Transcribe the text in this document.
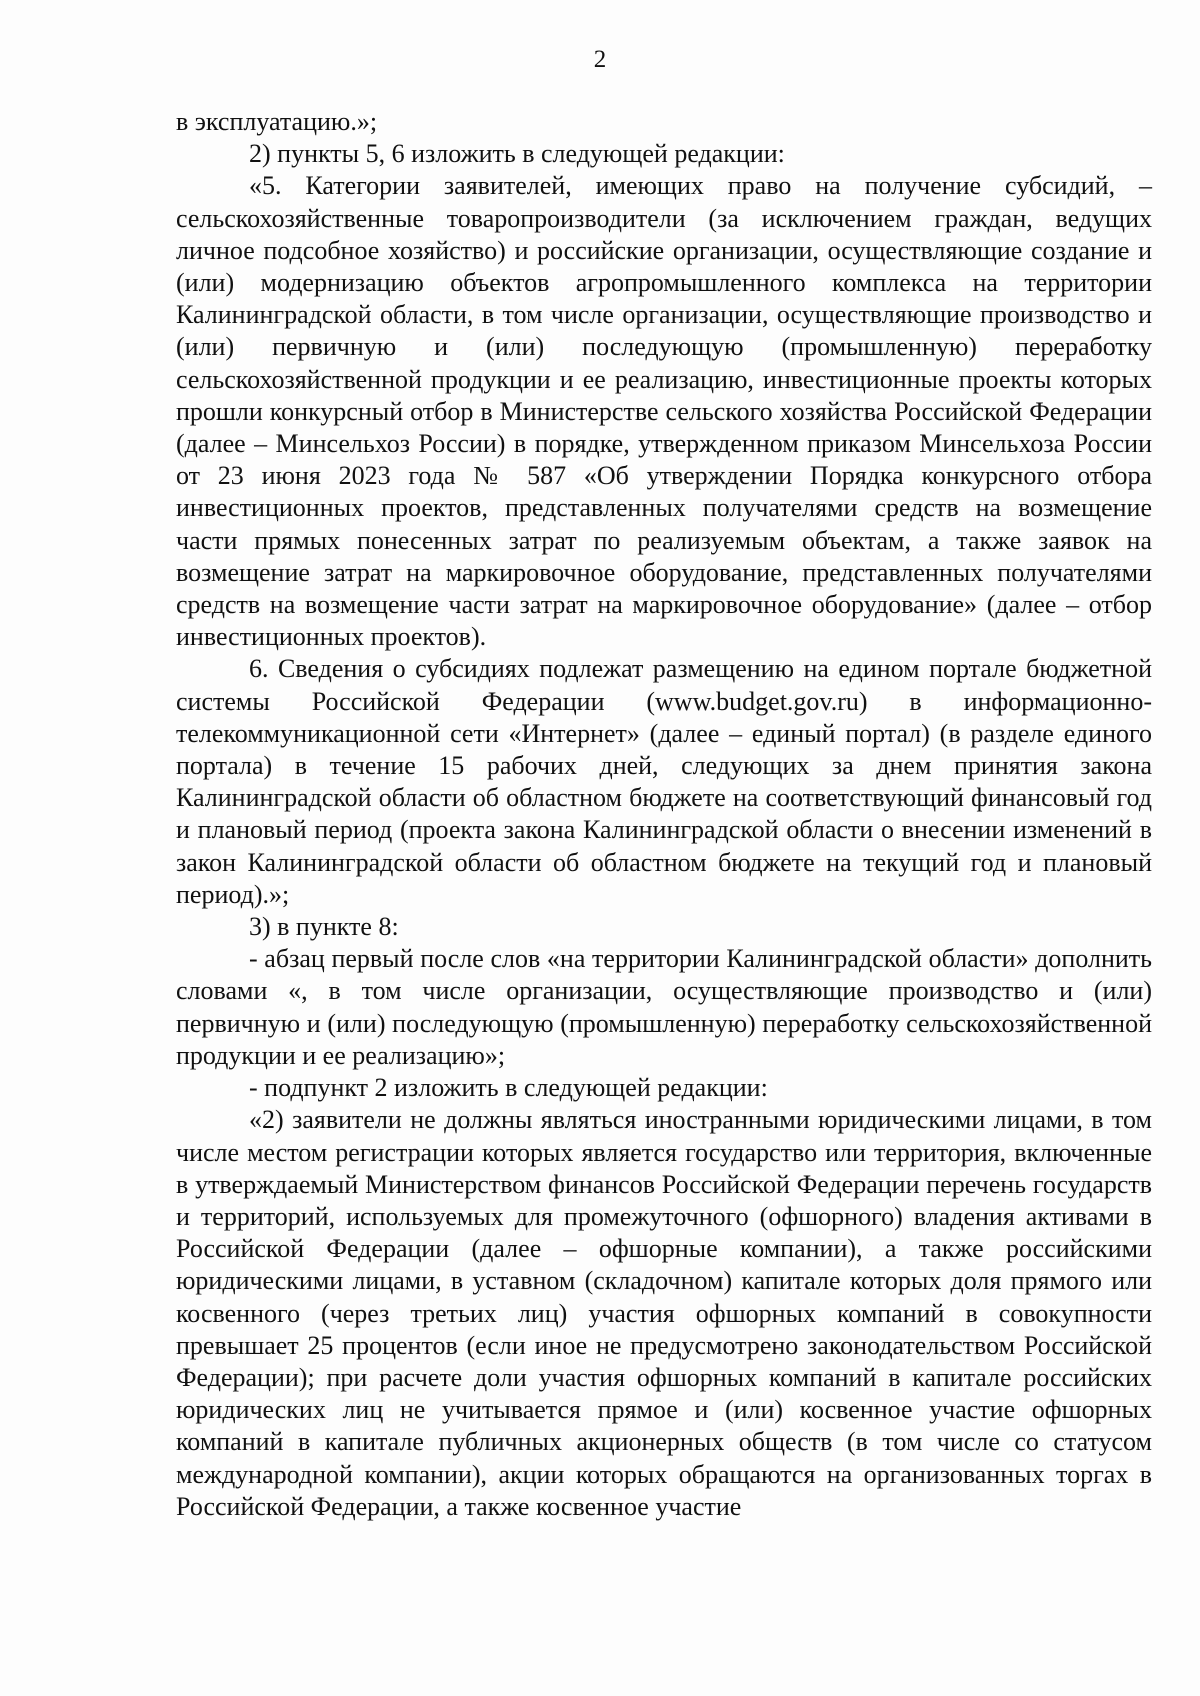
2

в эксплуатацию.»;

2) пункты 5, 6 изложить в следующей редакции:

«5. Категории заявителей, имеющих право на получение субсидий, – сельскохозяйственные товаропроизводители (за исключением граждан, ведущих личное подсобное хозяйство) и российские организации, осуществляющие создание и (или) модернизацию объектов агропромышленного комплекса на территории Калининградской области, в том числе организации, осуществляющие производство и (или) первичную и (или) последующую (промышленную) переработку сельскохозяйственной продукции и ее реализацию, инвестиционные проекты которых прошли конкурсный отбор в Министерстве сельского хозяйства Российской Федерации (далее – Минсельхоз России) в порядке, утвержденном приказом Минсельхоза России от 23 июня 2023 года № 587 «Об утверждении Порядка конкурсного отбора инвестиционных проектов, представленных получателями средств на возмещение части прямых понесенных затрат по реализуемым объектам, а также заявок на возмещение затрат на маркировочное оборудование, представленных получателями средств на возмещение части затрат на маркировочное оборудование» (далее – отбор инвестиционных проектов).

6. Сведения о субсидиях подлежат размещению на едином портале бюджетной системы Российской Федерации (www.budget.gov.ru) в информационно-телекоммуникационной сети «Интернет» (далее – единый портал) (в разделе единого портала) в течение 15 рабочих дней, следующих за днем принятия закона Калининградской области об областном бюджете на соответствующий финансовый год и плановый период (проекта закона Калининградской области о внесении изменений в закон Калининградской области об областном бюджете на текущий год и плановый период).»;

3) в пункте 8:

- абзац первый после слов «на территории Калининградской области» дополнить словами «, в том числе организации, осуществляющие производство и (или) первичную и (или) последующую (промышленную) переработку сельскохозяйственной продукции и ее реализацию»;

- подпункт 2 изложить в следующей редакции:

«2) заявители не должны являться иностранными юридическими лицами, в том числе местом регистрации которых является государство или территория, включенные в утверждаемый Министерством финансов Российской Федерации перечень государств и территорий, используемых для промежуточного (офшорного) владения активами в Российской Федерации (далее – офшорные компании), а также российскими юридическими лицами, в уставном (складочном) капитале которых доля прямого или косвенного (через третьих лиц) участия офшорных компаний в совокупности превышает 25 процентов (если иное не предусмотрено законодательством Российской Федерации); при расчете доли участия офшорных компаний в капитале российских юридических лиц не учитывается прямое и (или) косвенное участие офшорных компаний в капитале публичных акционерных обществ (в том числе со статусом международной компании), акции которых обращаются на организованных торгах в Российской Федерации, а также косвенное участие
